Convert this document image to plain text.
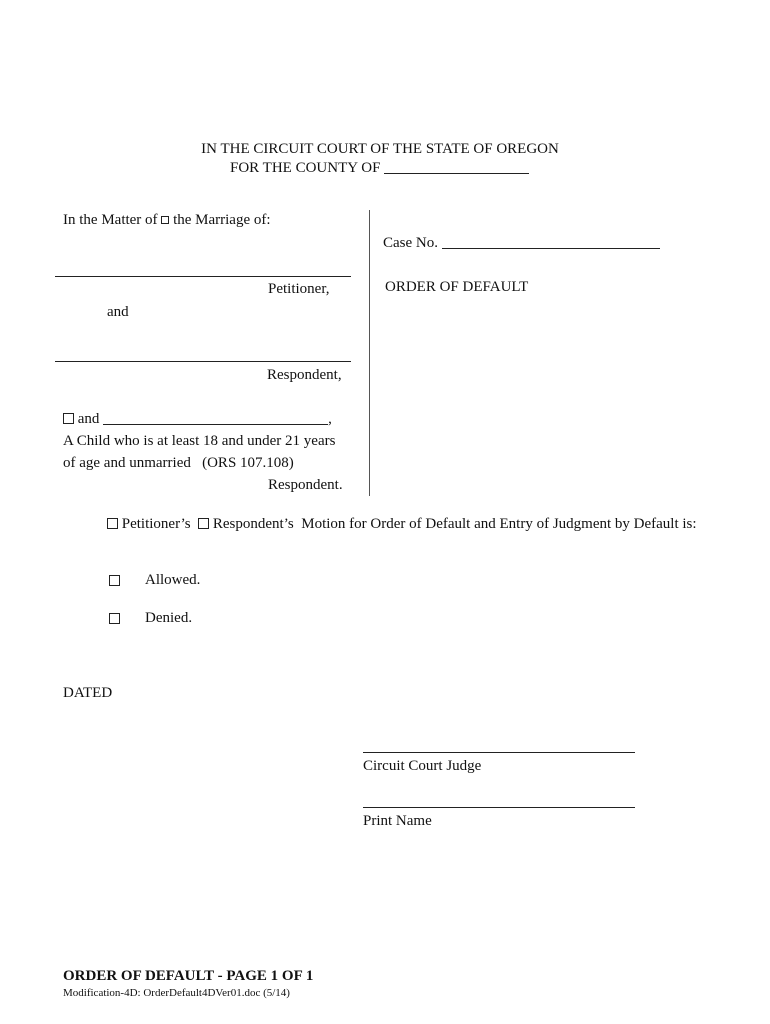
IN THE CIRCUIT COURT OF THE STATE OF OREGON
FOR THE COUNTY OF
In the Matter of the Marriage of:
Petitioner,
and
Respondent,
and	,
A Child who is at least 18 and under 21 years
of age and unmarried   (ORS 107.108)
Respondent.
Case No.
ORDER OF DEFAULT
Petitioner’s Respondent’s Motion for Order of Default and Entry of Judgment by Default is:
Allowed.
Denied.
DATED
Circuit Court Judge
Print Name
ORDER OF DEFAULT - PAGE 1 OF 1
Modification-4D: OrderDefault4DVer01.doc (5/14)
